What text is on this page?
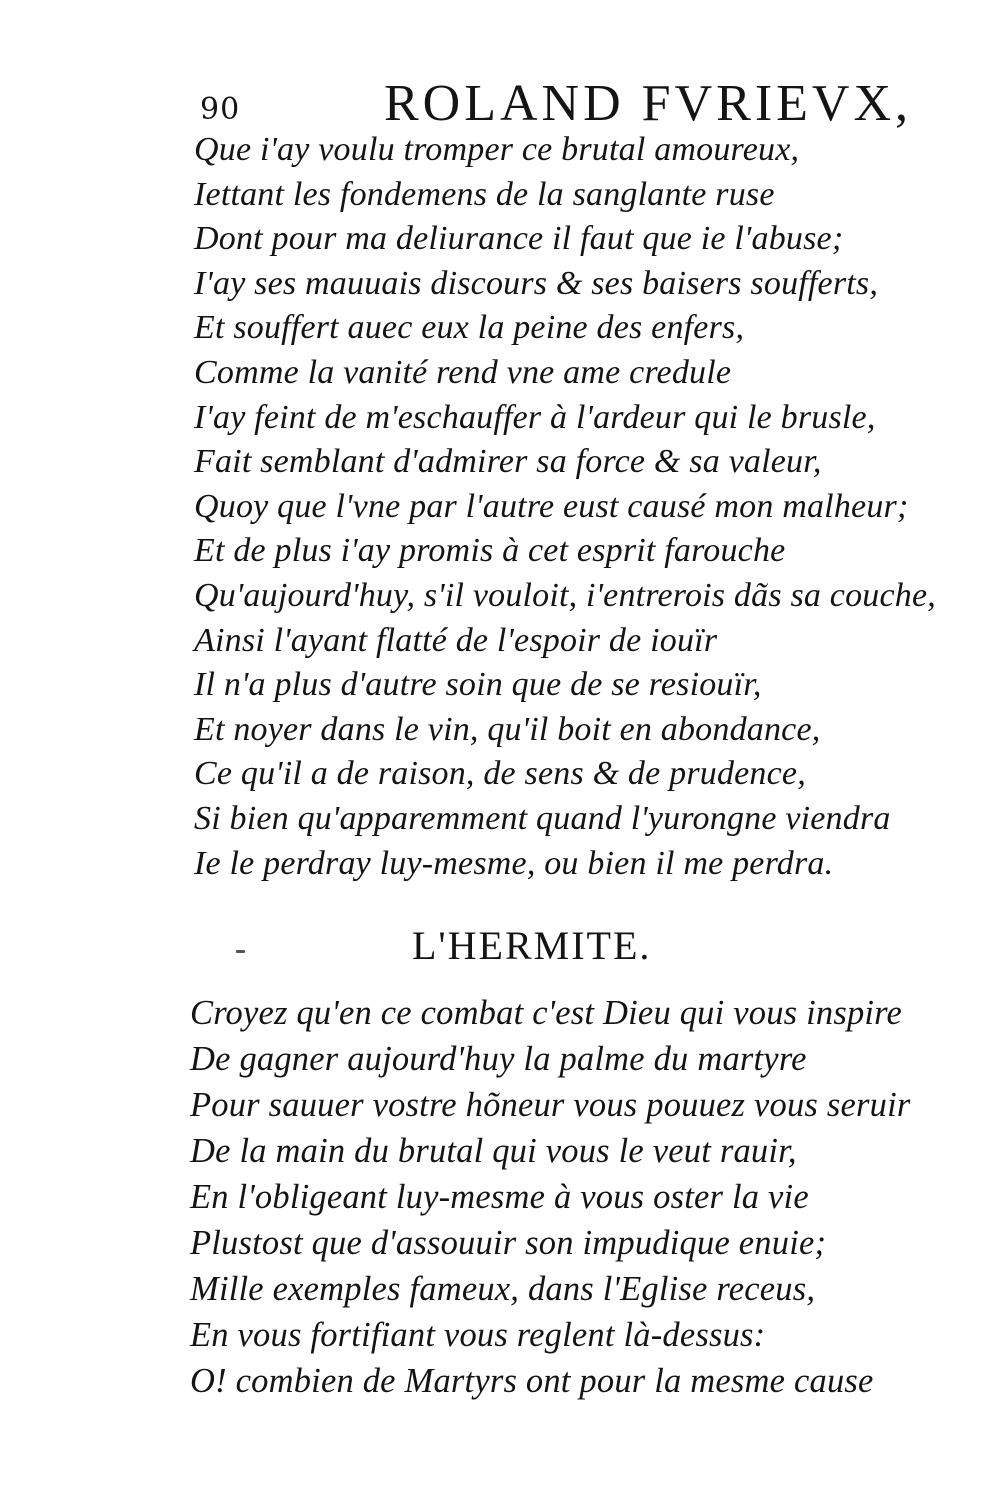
90	ROLAND FVRIEVX,
Que i'ay voulu tromper ce brutal amoureux,
Iettant les fondemens de la sanglante ruse
Dont pour ma deliurance il faut que ie l'abuse;
I'ay ses mauuais discours & ses baisers soufferts,
Et souffert auec eux la peine des enfers,
Comme la vanité rend vne ame credule
I'ay feint de m'eschauffer à l'ardeur qui le brusle,
Fait semblant d'admirer sa force & sa valeur,
Quoy que l'vne par l'autre eust causé mon malheur;
Et de plus i'ay promis à cet esprit farouche
Qu'aujourd'huy, s'il vouloit, i'entrerois dãs sa couche,
Ainsi l'ayant flatté de l'espoir de iouïr
Il n'a plus d'autre soin que de se resiouïr,
Et noyer dans le vin, qu'il boit en abondance,
Ce qu'il a de raison, de sens & de prudence,
Si bien qu'apparemment quand l'yurongne viendra
Ie le perdray luy-mesme, ou bien il me perdra.
L'HERMITE.
Croyez qu'en ce combat c'est Dieu qui vous inspire
De gagner aujourd'huy la palme du martyre
Pour sauuer vostre hõneur vous pouuez vous seruir
De la main du brutal qui vous le veut rauir,
En l'obligeant luy-mesme à vous oster la vie
Plustost que d'assouuir son impudique enuie;
Mille exemples fameux, dans l'Eglise receus,
En vous fortifiant vous reglent là-dessus:
O! combien de Martyrs ont pour la mesme cause
